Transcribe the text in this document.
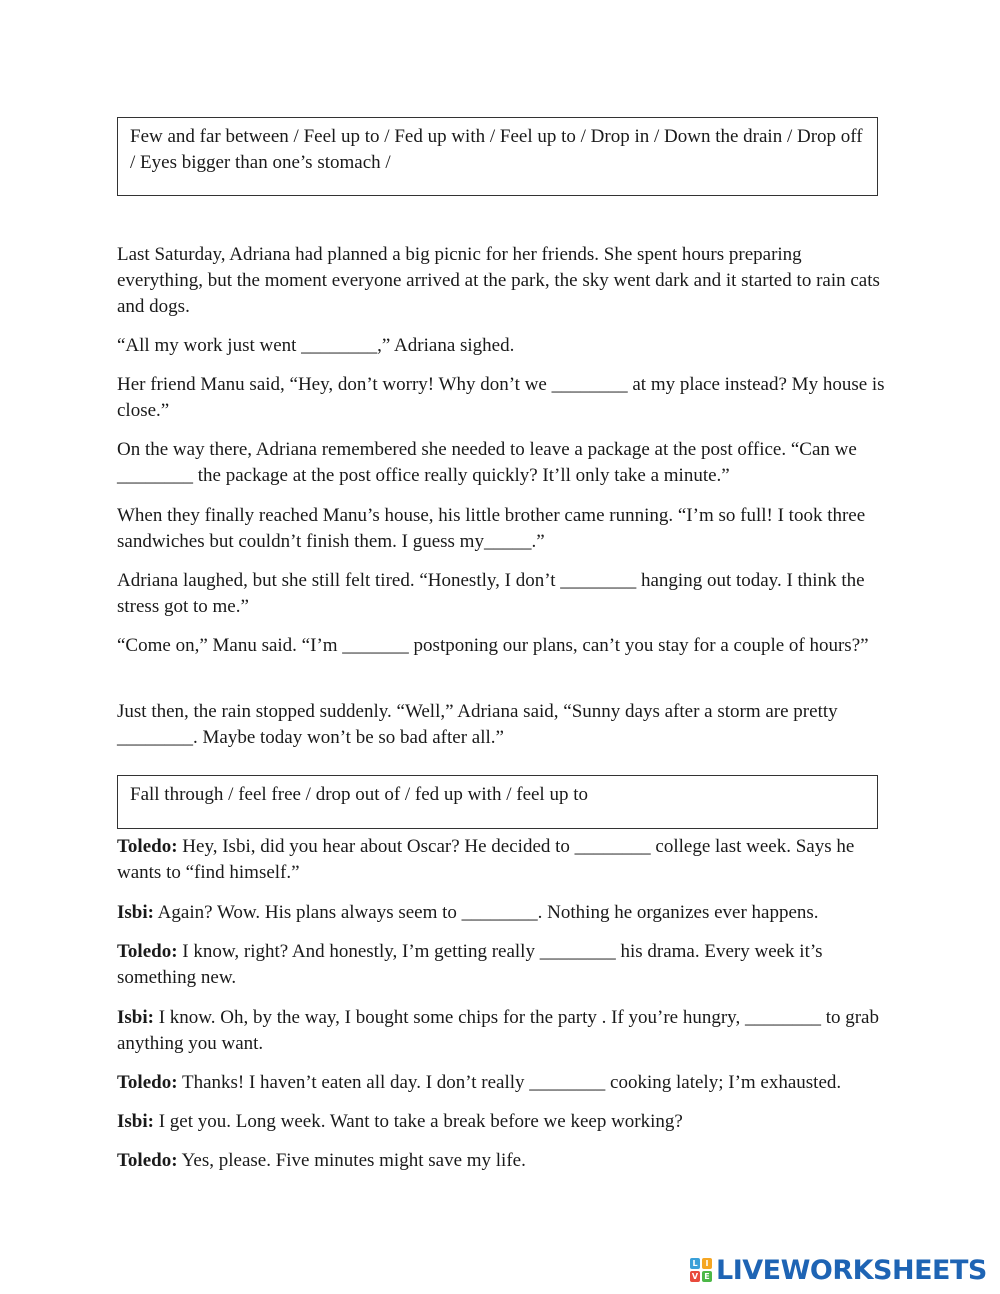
Few and far between / Feel up to / Fed up with / Feel up to / Drop in / Down the drain / Drop off / Eyes bigger than one’s stomach /

Last Saturday, Adriana had planned a big picnic for her friends. She spent hours preparing everything, but the moment everyone arrived at the park, the sky went dark and it started to rain cats and dogs.

“All my work just went ________,” Adriana sighed.

Her friend Manu said, “Hey, don’t worry! Why don’t we ________ at my place instead? My house is close.”

On the way there, Adriana remembered she needed to leave a package at the post office. “Can we ________ the package at the post office really quickly? It’ll only take a minute.”

When they finally reached Manu’s house, his little brother came running. “I’m so full! I took three sandwiches but couldn’t finish them. I guess my_____.”

Adriana laughed, but she still felt tired. “Honestly, I don’t ________ hanging out today. I think the stress got to me.”

“Come on,” Manu said. “I’m _______ postponing our plans, can’t you stay for a couple of hours?”

Just then, the rain stopped suddenly. “Well,” Adriana said, “Sunny days after a storm are pretty ________. Maybe today won’t be so bad after all.”

Fall through / feel free / drop out of / fed up with / feel up to

Toledo: Hey, Isbi, did you hear about Oscar? He decided to ________ college last week. Says he wants to “find himself.”

Isbi: Again? Wow. His plans always seem to ________. Nothing he organizes ever happens.

Toledo: I know, right? And honestly, I’m getting really ________ his drama. Every week it’s something new.

Isbi: I know. Oh, by the way, I bought some chips for the party . If you’re hungry, ________ to grab anything you want.

Toledo: Thanks! I haven’t eaten all day. I don’t really ________ cooking lately; I’m exhausted.

Isbi: I get you. Long week. Want to take a break before we keep working?

Toledo: Yes, please. Five minutes might save my life.

L I
V E LIVEWORKSHEETS
